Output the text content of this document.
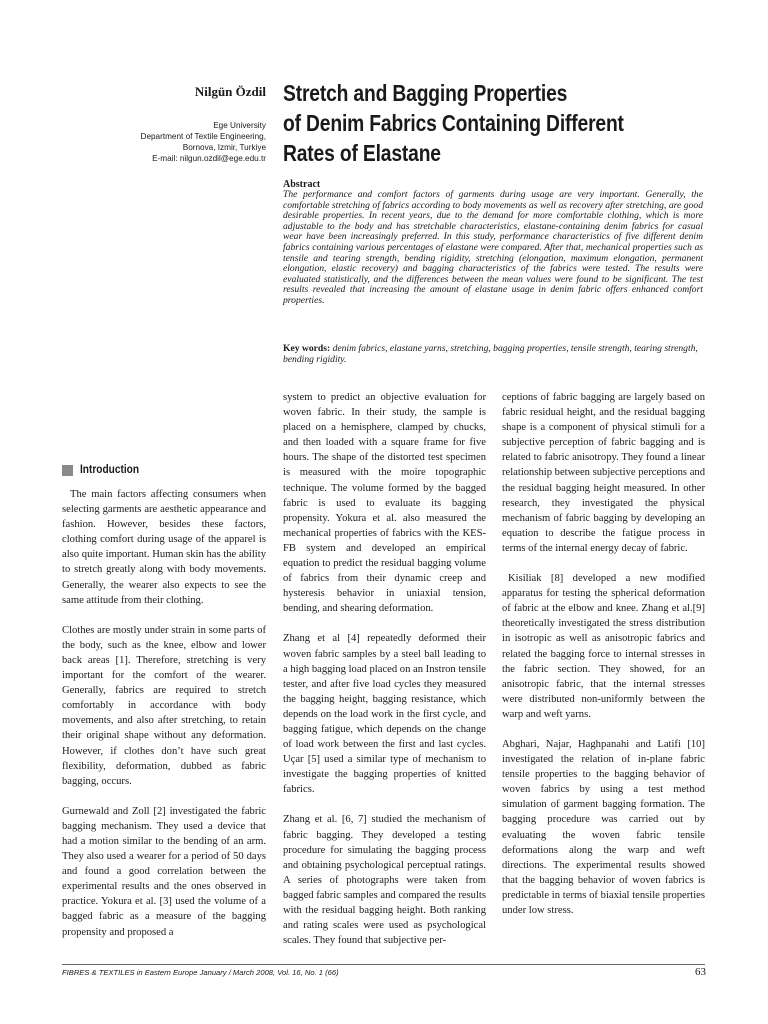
Nilgün Özdil
Ege University
Department of Textile Engineering,
Bornova, Izmir, Turkiye
E-mail: nilgun.ozdil@ege.edu.tr
Stretch and Bagging Properties
of Denim Fabrics Containing Different
Rates of Elastane
Abstract
The performance and comfort factors of garments during usage are very important. Generally, the comfortable stretching of fabrics according to body movements as well as recovery after stretching, are good desirable properties. In recent years, due to the demand for more comfortable clothing, which is more adjustable to the body and has stretchable characteristics, elastane-containing denim fabrics for casual wear have been increasingly preferred. In this study, performance characteristics of five different denim fabrics containing various percentages of elastane were compared. After that, mechanical properties such as tensile and tearing strength, bending rigidity, stretching (elongation, maximum elongation, permanent elongation, elastic recovery) and bagging characteristics of the fabrics were tested. The results were evaluated statistically, and the differences between the mean values were found to be significant. The test results revealed that increasing the amount of elastane usage in denim fabric offers enhanced comfort properties.
Key words: denim fabrics, elastane yarns, stretching, bagging properties, tensile strength, tearing strength, bending rigidity.
Introduction

The main factors affecting consumers when selecting garments are aesthetic appearance and fashion. However, besides these factors, clothing comfort during usage of the apparel is also quite important. Human skin has the ability to stretch greatly along with body movements. Generally, the wearer also expects to see the same attitude from their clothing.

Clothes are mostly under strain in some parts of the body, such as the knee, elbow and lower back areas [1]. Therefore, stretching is very important for the comfort of the wearer. Generally, fabrics are required to stretch comfortably in accordance with body movements, and also after stretching, to retain their original shape without any deformation. However, if clothes don’t have such great flexibility, deformation, dubbed as fabric bagging, occurs.

Gurnewald and Zoll [2] investigated the fabric bagging mechanism. They used a device that had a motion similar to the bending of an arm. They also used a wearer for a period of 50 days and found a good correlation between the experimental results and the ones observed in practice. Yokura et al. [3] used the volume of a bagged fabric as a measure of the bagging propensity and proposed a

system to predict an objective evaluation for woven fabric. In their study, the sample is placed on a hemisphere, clamped by chucks, and then loaded with a square frame for five hours. The shape of the distorted test specimen is measured with the moire topographic technique. The volume formed by the bagged fabric is used to evaluate its bagging propensity. Yokura et al. also measured the mechanical properties of fabrics with the KES-FB system and developed an empirical equation to predict the residual bagging volume of fabrics from their dynamic creep and hysteresis behavior in uniaxial tension, bending, and shearing deformation.

Zhang et al [4] repeatedly deformed their woven fabric samples by a steel ball leading to a high bagging load placed on an Instron tensile tester, and after five load cycles they measured the bagging height, bagging resistance, which depends on the load work in the first cycle, and bagging fatigue, which depends on the change of load work between the first and last cycles. Uçar [5] used a similar type of mechanism to investigate the bagging properties of knitted fabrics.

Zhang et al. [6, 7] studied the mechanism of fabric bagging. They developed a testing procedure for simulating the bagging process and obtaining psychological perceptual ratings. A series of photographs were taken from bagged fabric samples and compared the results with the residual bagging height. Both ranking and rating scales were used as psychological scales. They found that subjective per-

ceptions of fabric bagging are largely based on fabric residual height, and the residual bagging shape is a component of physical stimuli for a subjective perception of fabric bagging and is related to fabric anisotropy. They found a linear relationship between subjective perceptions and the residual bagging height measured. In other research, they investigated the physical mechanism of fabric bagging by developing an equation to describe the fatigue process in terms of the internal energy decay of fabric.

Kisiliak [8] developed a new modified apparatus for testing the spherical deformation of fabric at the elbow and knee. Zhang et al.[9] theoretically investigated the stress distribution in isotropic as well as anisotropic fabrics and related the bagging force to internal stresses in the fabric section. They showed, for an anisotropic fabric, that the internal stresses were distributed non-uniformly between the warp and weft yarns.

Abghari, Najar, Haghpanahi and Latifi [10] investigated the relation of in-plane fabric tensile properties to the bagging behavior of woven fabrics by using a test method simulation of garment bagging formation. The bagging procedure was carried out by evaluating the woven fabric tensile deformations along the warp and weft directions. The experimental results showed that the bagging behavior of woven fabrics is predictable in terms of biaxial tensile properties under low stress.

FIBRES & TEXTILES in Eastern Europe January / March 2008, Vol. 16, No. 1 (66)	63
